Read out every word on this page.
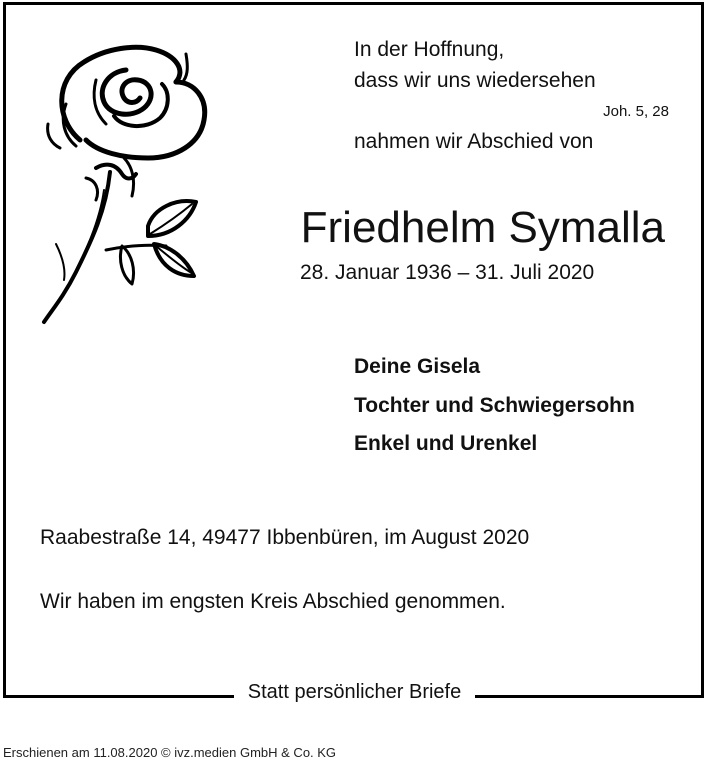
In der Hoffnung,
dass wir uns wiedersehen
Joh. 5, 28
nahmen wir Abschied von
Friedhelm Symalla
28. Januar 1936 – 31. Juli 2020
Deine Gisela
Tochter und Schwiegersohn
Enkel und Urenkel
Raabestraße 14, 49477 Ibbenbüren, im August 2020
Wir haben im engsten Kreis Abschied genommen.
Statt persönlicher Briefe
Erschienen am 11.08.2020 © ivz.medien GmbH & Co. KG
